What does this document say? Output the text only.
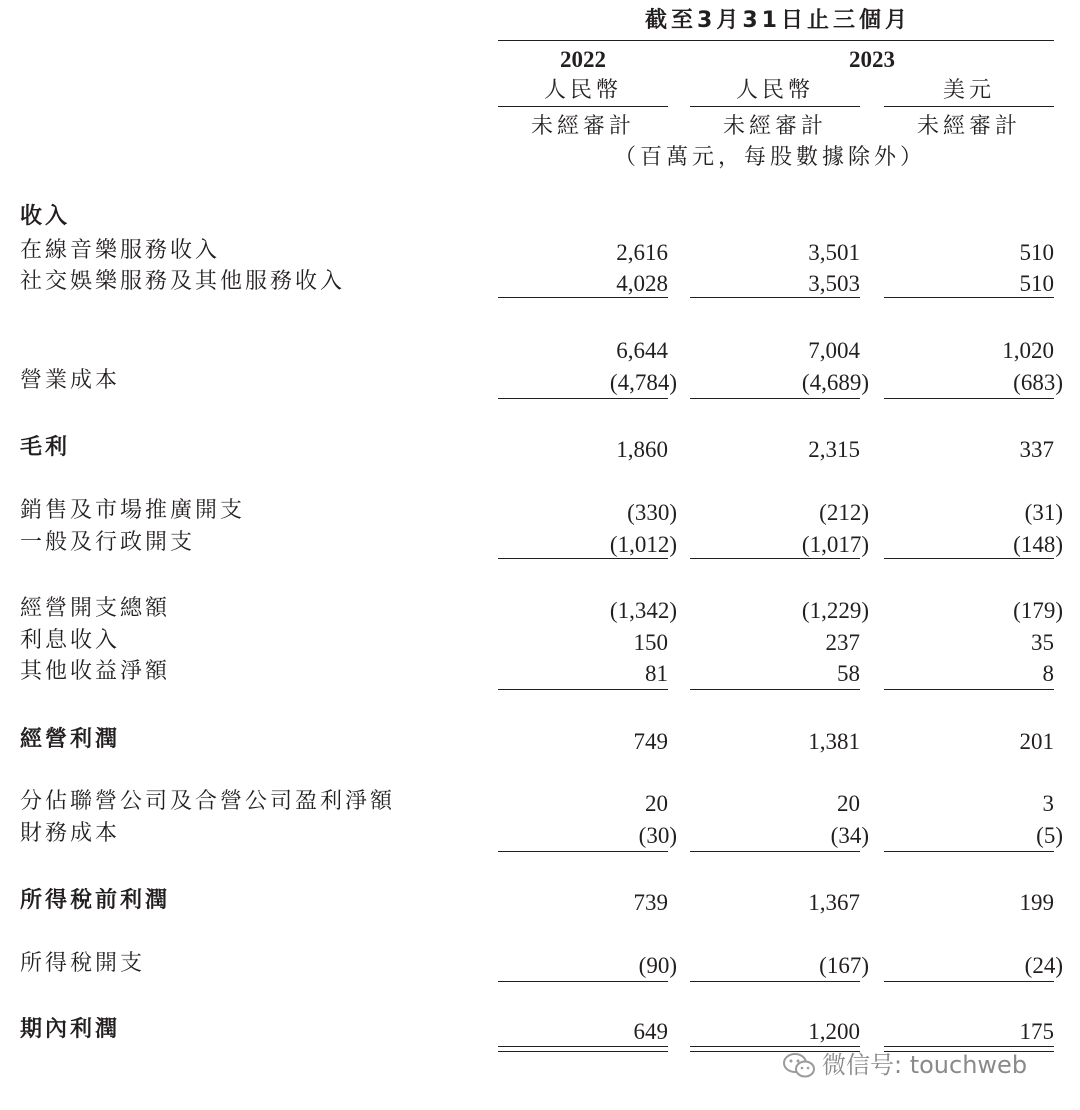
截至3月31日止三個月
2022	2023
人民幣	人民幣	美元
未經審計	未經審計	未經審計
（百萬元，每股數據除外）
收入
在線音樂服務收入	2,616	3,501	510
社交娛樂服務及其他服務收入	4,028	3,503	510
6,644	7,004	1,020
營業成本	(4,784)	(4,689)	(683)
毛利	1,860	2,315	337
銷售及市場推廣開支	(330)	(212)	(31)
一般及行政開支	(1,012)	(1,017)	(148)
經營開支總額	(1,342)	(1,229)	(179)
利息收入	150	237	35
其他收益淨額	81	58	8
經營利潤	749	1,381	201
分佔聯營公司及合營公司盈利淨額	20	20	3
財務成本	(30)	(34)	(5)
所得稅前利潤	739	1,367	199
所得稅開支	(90)	(167)	(24)
期內利潤	649	1,200	175
微信号: touchweb
